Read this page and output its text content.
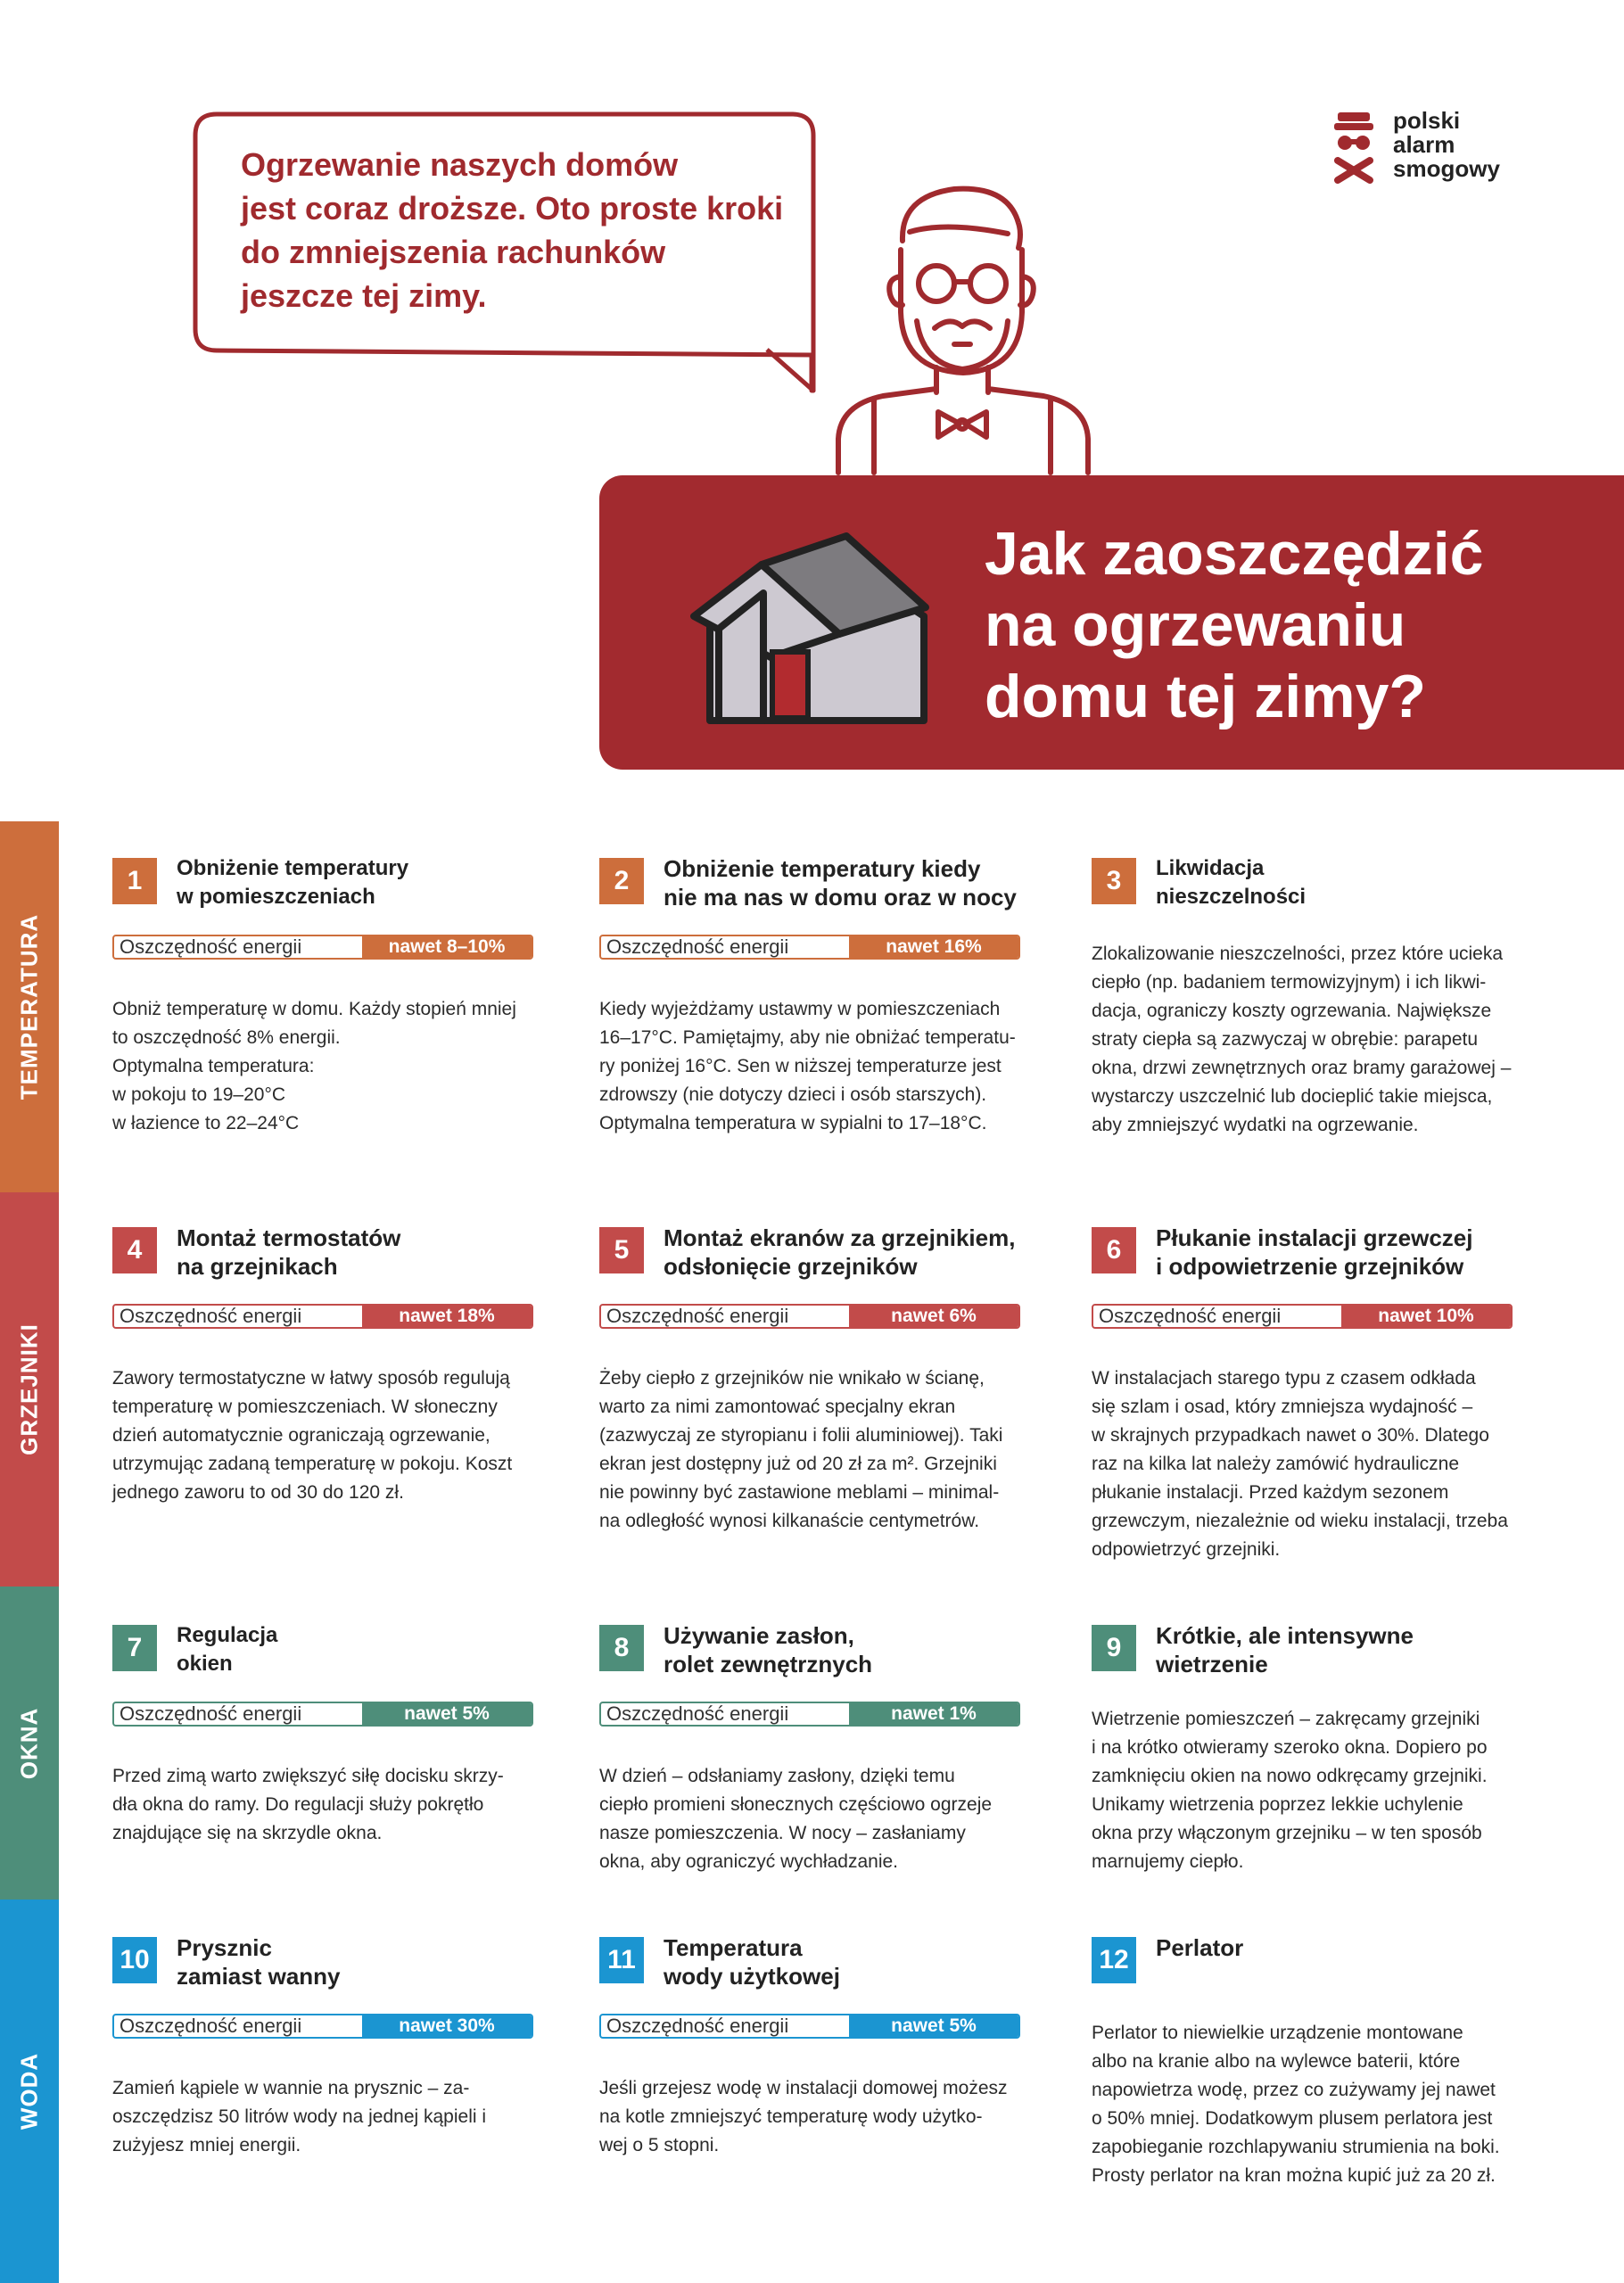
Ogrzewanie naszych domów
jest coraz droższe. Oto proste kroki
do zmniejszenia rachunków
jeszcze tej zimy.
polski
alarm
smogowy
Jak zaoszczędzić
na ogrzewaniu
domu tej zimy?
TEMPERATURA
GRZEJNIKI
OKNA
WODA
1	Obniżenie temperatury
w pomieszczeniach
Oszczędność energii	nawet 8–10%
Obniż temperaturę w domu. Każdy stopień mniej
to oszczędność 8% energii.
Optymalna temperatura:
w pokoju to 19–20°C
w łazience to 22–24°C
2	Obniżenie temperatury kiedy
nie ma nas w domu oraz w nocy
Oszczędność energii	nawet 16%
Kiedy wyjeżdżamy ustawmy w pomieszczeniach
16–17°C. Pamiętajmy, aby nie obniżać temperatu-
ry poniżej 16°C. Sen w niższej temperaturze jest
zdrowszy (nie dotyczy dzieci i osób starszych).
Optymalna temperatura w sypialni to 17–18°C.
3	Likwidacja
nieszczelności
Zlokalizowanie nieszczelności, przez które ucieka
ciepło (np. badaniem termowizyjnym) i ich likwi-
dacja, ograniczy koszty ogrzewania. Największe
straty ciepła są zazwyczaj w obrębie: parapetu
okna, drzwi zewnętrznych oraz bramy garażowej –
wystarczy uszczelnić lub docieplić takie miejsca,
aby zmniejszyć wydatki na ogrzewanie.
4	Montaż termostatów
na grzejnikach
Oszczędność energii	nawet 18%
Zawory termostatyczne w łatwy sposób regulują
temperaturę w pomieszczeniach. W słoneczny
dzień automatycznie ograniczają ogrzewanie,
utrzymując zadaną temperaturę w pokoju. Koszt
jednego zaworu to od 30 do 120 zł.
5	Montaż ekranów za grzejnikiem,
odsłonięcie grzejników
Oszczędność energii	nawet 6%
Żeby ciepło z grzejników nie wnikało w ścianę,
warto za nimi zamontować specjalny ekran
(zazwyczaj ze styropianu i folii aluminiowej). Taki
ekran jest dostępny już od 20 zł za m². Grzejniki
nie powinny być zastawione meblami – minimal-
na odległość wynosi kilkanaście centymetrów.
6	Płukanie instalacji grzewczej
i odpowietrzenie grzejników
Oszczędność energii	nawet 10%
W instalacjach starego typu z czasem odkłada
się szlam i osad, który zmniejsza wydajność –
w skrajnych przypadkach nawet o 30%. Dlatego
raz na kilka lat należy zamówić hydrauliczne
płukanie instalacji. Przed każdym sezonem
grzewczym, niezależnie od wieku instalacji, trzeba
odpowietrzyć grzejniki.
7	Regulacja
okien
Oszczędność energii	nawet 5%
Przed zimą warto zwiększyć siłę docisku skrzy-
dła okna do ramy. Do regulacji służy pokrętło
znajdujące się na skrzydle okna.
8	Używanie zasłon,
rolet zewnętrznych
Oszczędność energii	nawet 1%
W dzień – odsłaniamy zasłony, dzięki temu
ciepło promieni słonecznych częściowo ogrzeje
nasze pomieszczenia. W nocy – zasłaniamy
okna, aby ograniczyć wychładzanie.
9	Krótkie, ale intensywne
wietrzenie
Wietrzenie pomieszczeń – zakręcamy grzejniki
i na krótko otwieramy szeroko okna. Dopiero po
zamknięciu okien na nowo odkręcamy grzejniki.
Unikamy wietrzenia poprzez lekkie uchylenie
okna przy włączonym grzejniku – w ten sposób
marnujemy ciepło.
10	Prysznic
zamiast wanny
Oszczędność energii	nawet 30%
Zamień kąpiele w wannie na prysznic – za-
oszczędzisz 50 litrów wody na jednej kąpieli i
zużyjesz mniej energii.
11	Temperatura
wody użytkowej
Oszczędność energii	nawet 5%
Jeśli grzejesz wodę w instalacji domowej możesz
na kotle zmniejszyć temperaturę wody użytko-
wej o 5 stopni.
12	Perlator
Perlator to niewielkie urządzenie montowane
albo na kranie albo na wylewce baterii, które
napowietrza wodę, przez co zużywamy jej nawet
o 50% mniej. Dodatkowym plusem perlatora jest
zapobieganie rozchlapywaniu strumienia na boki.
Prosty perlator na kran można kupić już za 20 zł.
